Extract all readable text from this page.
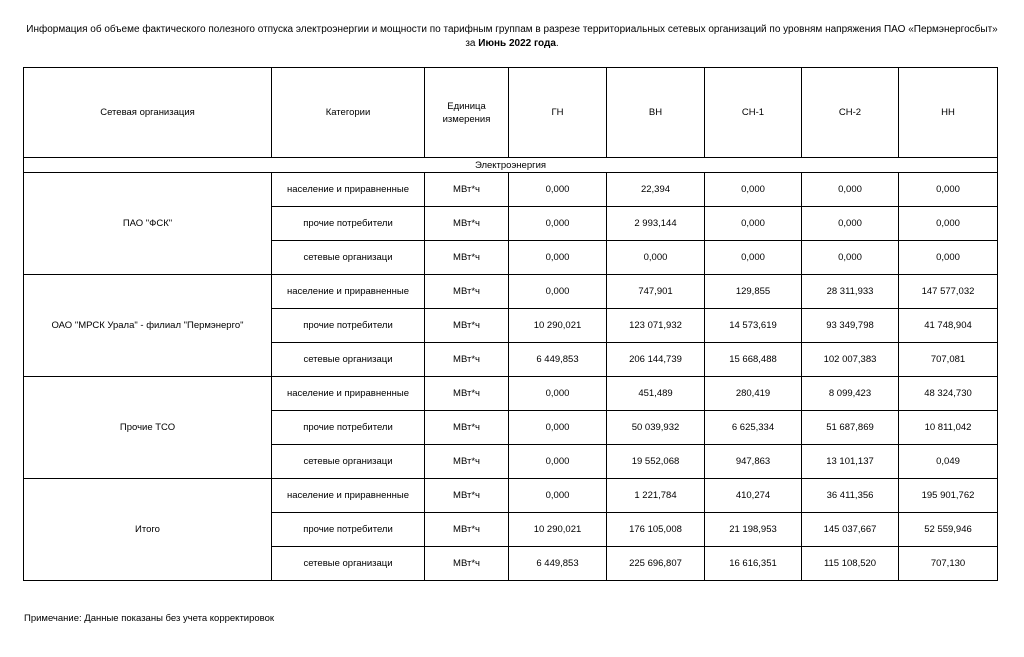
Информация об объеме фактического полезного отпуска электроэнергии и мощности по тарифным группам в разрезе территориальных сетевых организаций по уровням напряжения ПАО «Пермэнергосбыт»
за Июнь 2022 года.
Сетевая организация	Категории	Единица измерения	ГН	ВН	СН-1	СН-2	НН
Электроэнергия							
ПАО "ФСК"	население и приравненные	МВт*ч	0,000	22,394	0,000	0,000	0,000
	прочие потребители	МВт*ч	0,000	2 993,144	0,000	0,000	0,000
	сетевые организаци	МВт*ч	0,000	0,000	0,000	0,000	0,000
ОАО "МРСК Урала" - филиал "Пермэнерго"	население и приравненные	МВт*ч	0,000	747,901	129,855	28 311,933	147 577,032
	прочие потребители	МВт*ч	10 290,021	123 071,932	14 573,619	93 349,798	41 748,904
	сетевые организаци	МВт*ч	6 449,853	206 144,739	15 668,488	102 007,383	707,081
Прочие ТСО	население и приравненные	МВт*ч	0,000	451,489	280,419	8 099,423	48 324,730
	прочие потребители	МВт*ч	0,000	50 039,932	6 625,334	51 687,869	10 811,042
	сетевые организаци	МВт*ч	0,000	19 552,068	947,863	13 101,137	0,049
Итого	население и приравненные	МВт*ч	0,000	1 221,784	410,274	36 411,356	195 901,762
	прочие потребители	МВт*ч	10 290,021	176 105,008	21 198,953	145 037,667	52 559,946
	сетевые организаци	МВт*ч	6 449,853	225 696,807	16 616,351	115 108,520	707,130
Примечание: Данные показаны без учета корректировок
